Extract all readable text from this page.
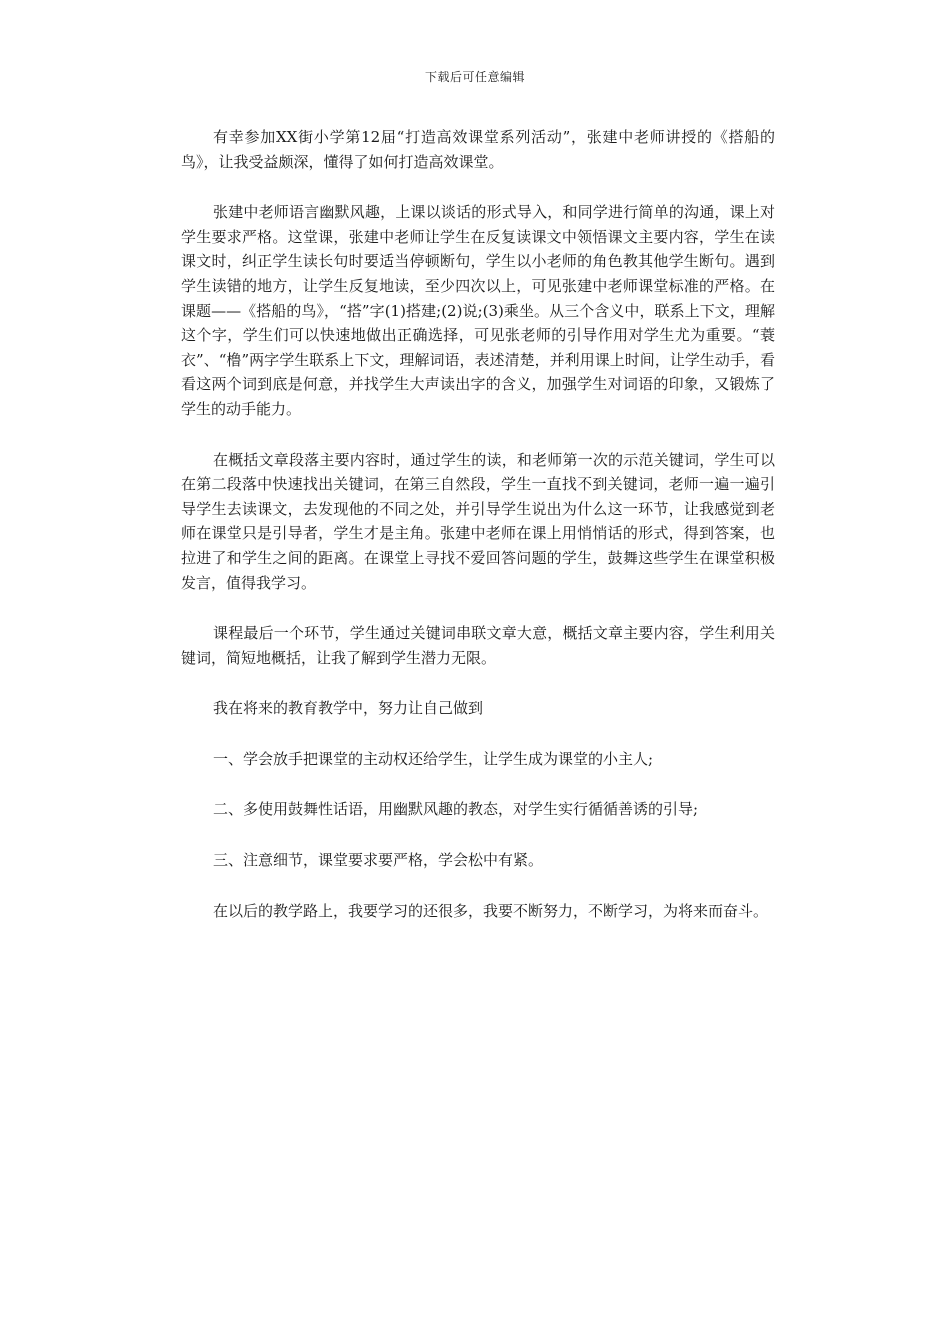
下载后可任意编辑

有幸参加XX街小学第12届“打造高效课堂系列活动”，张建中老师讲授的《搭船的鸟》，让我受益颇深，懂得了如何打造高效课堂。

张建中老师语言幽默风趣，上课以谈话的形式导入，和同学进行简单的沟通，课上对学生要求严格。这堂课，张建中老师让学生在反复读课文中领悟课文主要内容，学生在读课文时，纠正学生读长句时要适当停顿断句，学生以小老师的角色教其他学生断句。遇到学生读错的地方，让学生反复地读，至少四次以上，可见张建中老师课堂标准的严格。在课题——《搭船的鸟》，“搭”字(1)搭建;(2)说;(3)乘坐。从三个含义中，联系上下文，理解这个字，学生们可以快速地做出正确选择，可见张老师的引导作用对学生尤为重要。“蓑衣”、“橹”两字学生联系上下文，理解词语，表述清楚，并利用课上时间，让学生动手，看看这两个词到底是何意，并找学生大声读出字的含义，加强学生对词语的印象，又锻炼了学生的动手能力。

在概括文章段落主要内容时，通过学生的读，和老师第一次的示范关键词，学生可以在第二段落中快速找出关键词，在第三自然段，学生一直找不到关键词，老师一遍一遍引导学生去读课文，去发现他的不同之处，并引导学生说出为什么这一环节，让我感觉到老师在课堂只是引导者，学生才是主角。张建中老师在课上用悄悄话的形式，得到答案，也拉进了和学生之间的距离。在课堂上寻找不爱回答问题的学生，鼓舞这些学生在课堂积极发言，值得我学习。

课程最后一个环节，学生通过关键词串联文章大意，概括文章主要内容，学生利用关键词，简短地概括，让我了解到学生潜力无限。

我在将来的教育教学中，努力让自己做到

一、学会放手把课堂的主动权还给学生，让学生成为课堂的小主人;

二、多使用鼓舞性话语，用幽默风趣的教态，对学生实行循循善诱的引导;

三、注意细节，课堂要求要严格，学会松中有紧。

在以后的教学路上，我要学习的还很多，我要不断努力，不断学习，为将来而奋斗。
